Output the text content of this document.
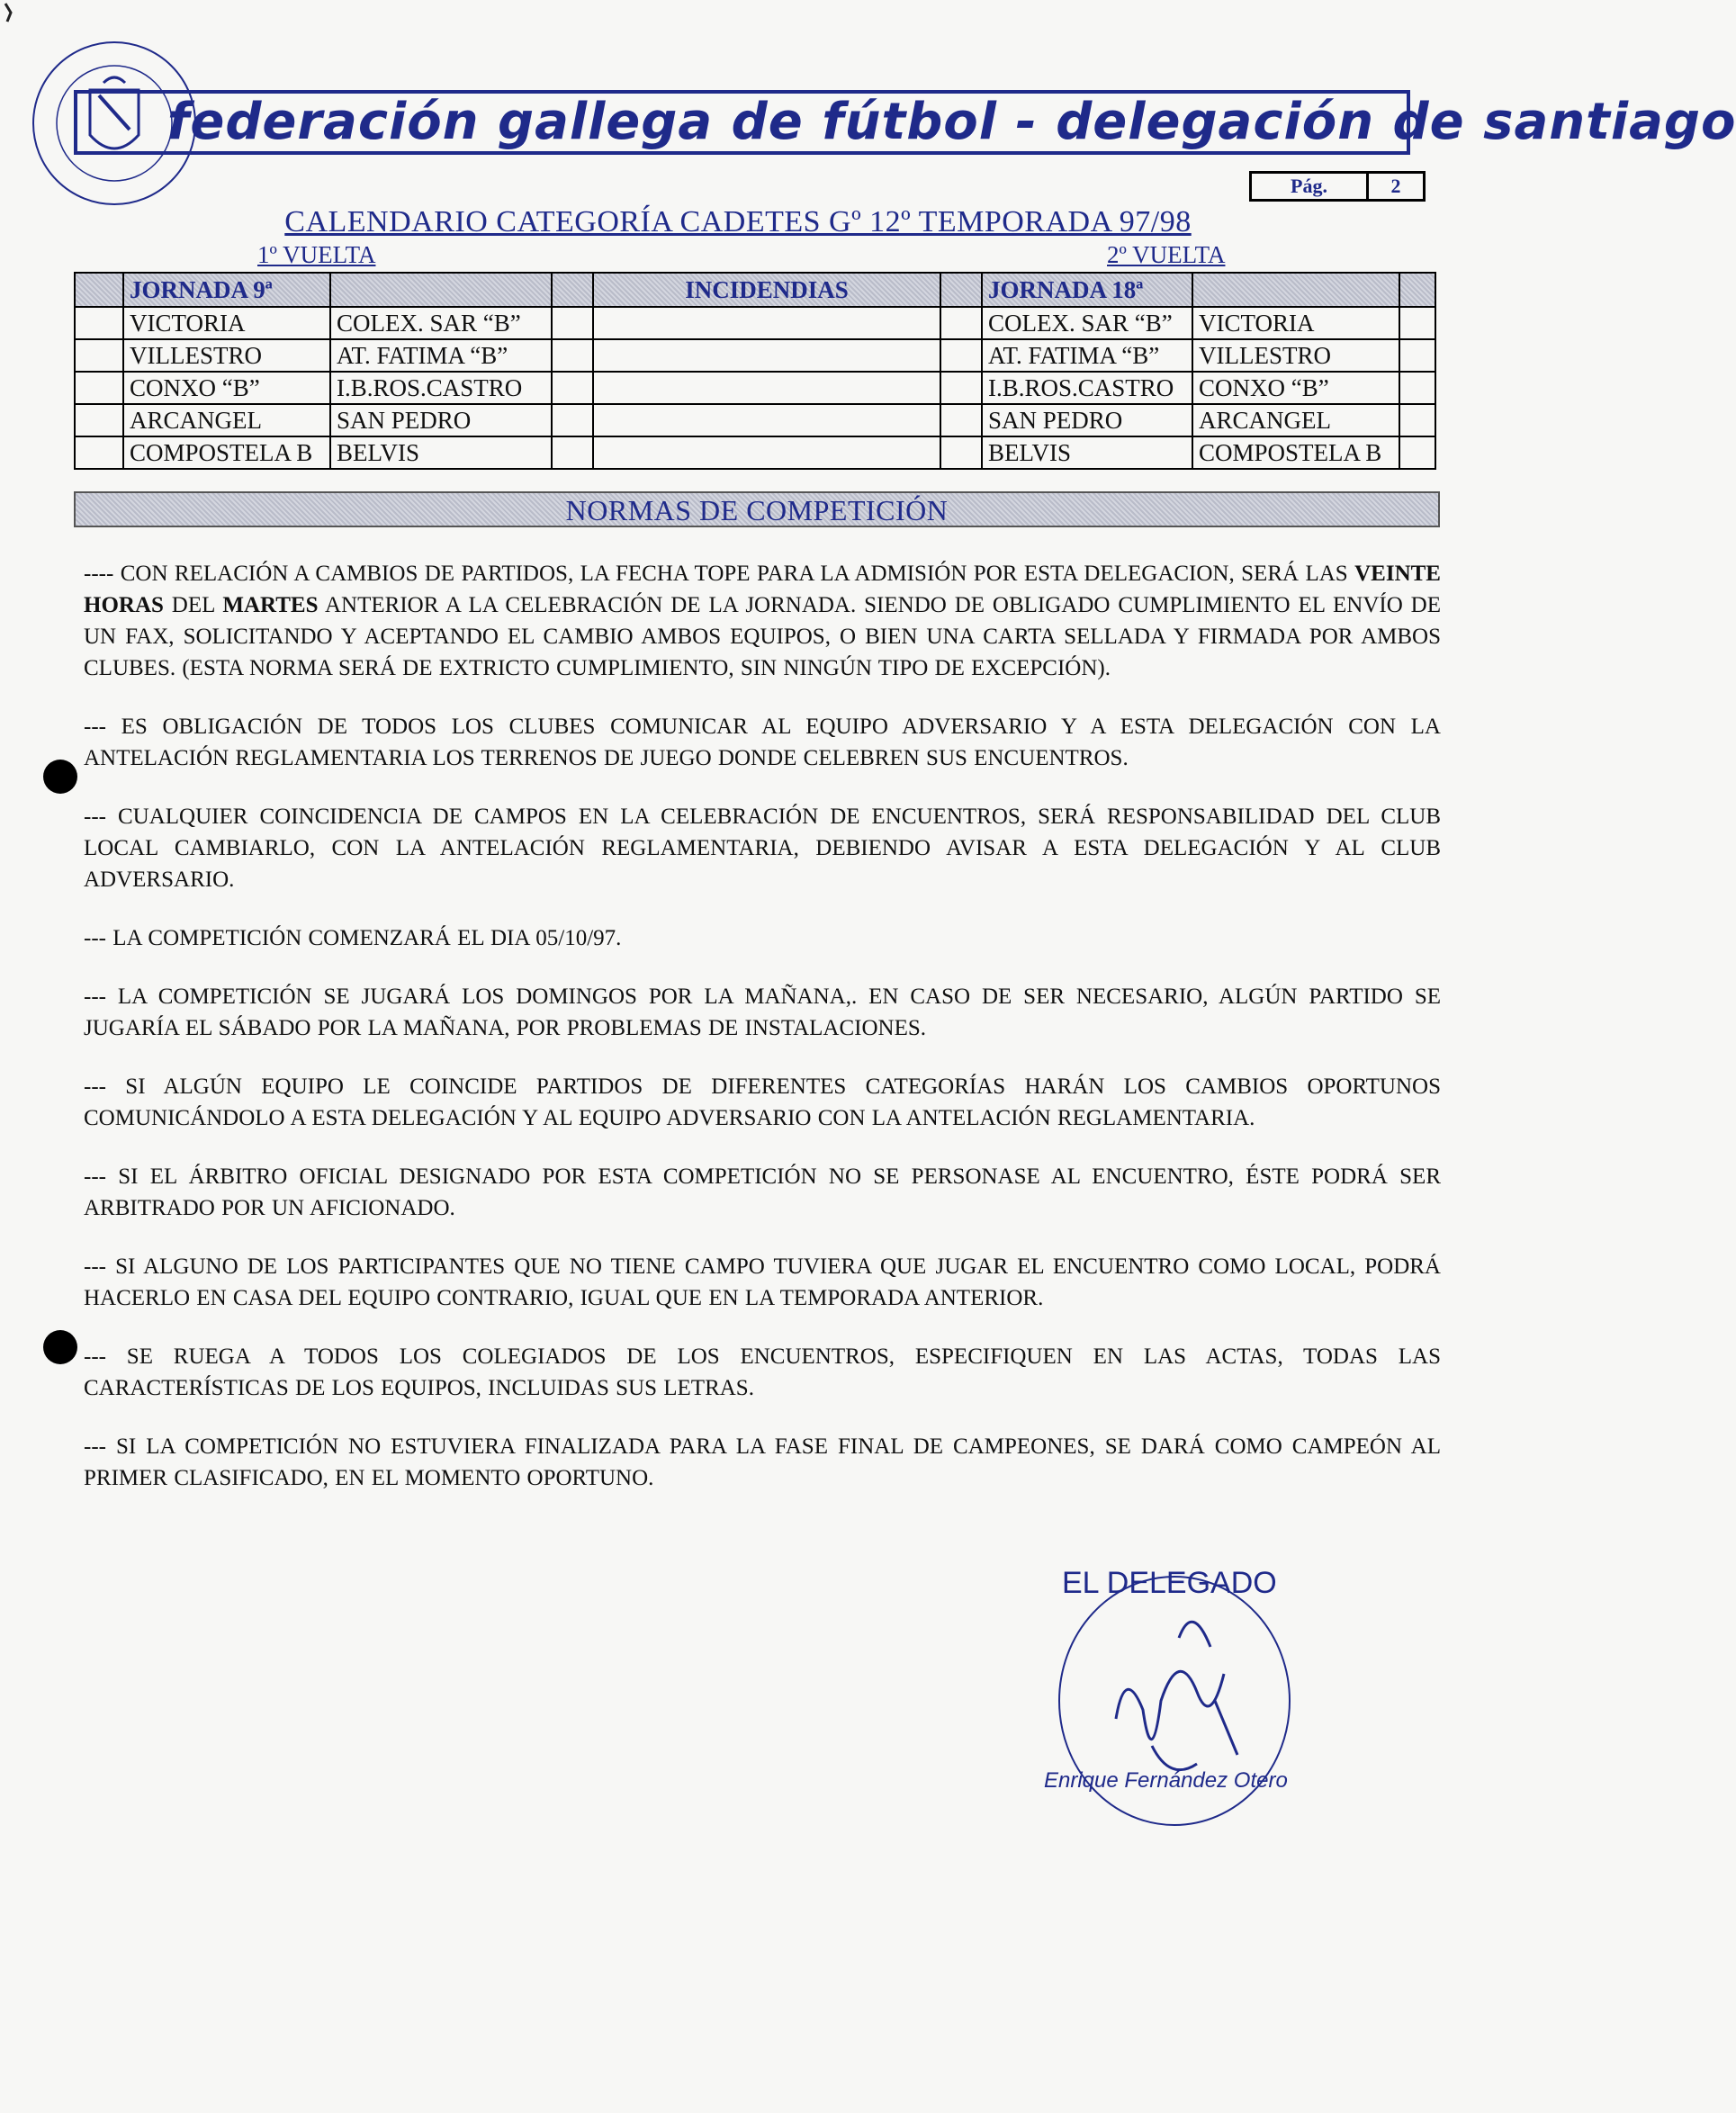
federación gallega de fútbol - delegación de santiago
Pág.	2
CALENDARIO CATEGORÍA CADETES Gº 12º TEMPORADA 97/98
1º VUELTA	2º VUELTA
	JORNADA 9ª			INCIDENDIAS		JORNADA 18ª		
	VICTORIA	COLEX. SAR “B”				COLEX. SAR “B”	VICTORIA	
	VILLESTRO	AT. FATIMA “B”				AT. FATIMA “B”	VILLESTRO	
	CONXO “B”	I.B.ROS.CASTRO				I.B.ROS.CASTRO	CONXO “B”	
	ARCANGEL	SAN PEDRO				SAN PEDRO	ARCANGEL	
	COMPOSTELA B	BELVIS				BELVIS	COMPOSTELA B	
NORMAS DE COMPETICIÓN

---- CON RELACIÓN A CAMBIOS DE PARTIDOS, LA FECHA TOPE PARA LA ADMISIÓN POR ESTA DELEGACION, SERÁ LAS VEINTE HORAS DEL MARTES ANTERIOR A LA CELEBRACIÓN DE LA JORNADA. SIENDO DE OBLIGADO CUMPLIMIENTO EL ENVÍO DE UN FAX, SOLICITANDO Y ACEPTANDO EL CAMBIO AMBOS EQUIPOS, O BIEN UNA CARTA SELLADA Y FIRMADA POR AMBOS CLUBES. (ESTA NORMA SERÁ DE EXTRICTO CUMPLIMIENTO, SIN NINGÚN TIPO DE EXCEPCIÓN).

--- ES OBLIGACIÓN DE TODOS LOS CLUBES COMUNICAR AL EQUIPO ADVERSARIO Y A ESTA DELEGACIÓN CON LA ANTELACIÓN REGLAMENTARIA LOS TERRENOS DE JUEGO DONDE CELEBREN SUS ENCUENTROS.

--- CUALQUIER COINCIDENCIA DE CAMPOS EN LA CELEBRACIÓN DE ENCUENTROS, SERÁ RESPONSABILIDAD DEL CLUB LOCAL CAMBIARLO, CON LA ANTELACIÓN REGLAMENTARIA, DEBIENDO AVISAR A ESTA DELEGACIÓN Y AL CLUB ADVERSARIO.

--- LA COMPETICIÓN COMENZARÁ EL DIA 05/10/97.

--- LA COMPETICIÓN SE JUGARÁ LOS DOMINGOS POR LA MAÑANA,. EN CASO DE SER NECESARIO, ALGÚN PARTIDO SE JUGARÍA EL SÁBADO POR LA MAÑANA, POR PROBLEMAS DE INSTALACIONES.

--- SI ALGÚN EQUIPO LE COINCIDE PARTIDOS DE DIFERENTES CATEGORÍAS HARÁN LOS CAMBIOS OPORTUNOS COMUNICÁNDOLO A ESTA DELEGACIÓN Y AL EQUIPO ADVERSARIO CON LA ANTELACIÓN REGLAMENTARIA.

--- SI EL ÁRBITRO OFICIAL DESIGNADO POR ESTA COMPETICIÓN NO SE PERSONASE AL ENCUENTRO, ÉSTE PODRÁ SER ARBITRADO POR UN AFICIONADO.

--- SI ALGUNO DE LOS PARTICIPANTES QUE NO TIENE CAMPO TUVIERA QUE JUGAR EL ENCUENTRO COMO LOCAL, PODRÁ HACERLO EN CASA DEL EQUIPO CONTRARIO, IGUAL QUE EN LA TEMPORADA ANTERIOR.

--- SE RUEGA A TODOS LOS COLEGIADOS DE LOS ENCUENTROS, ESPECIFIQUEN EN LAS ACTAS, TODAS LAS CARACTERÍSTICAS DE LOS EQUIPOS, INCLUIDAS SUS LETRAS.

--- SI LA COMPETICIÓN NO ESTUVIERA FINALIZADA PARA LA FASE FINAL DE CAMPEONES, SE DARÁ COMO CAMPEÓN AL PRIMER CLASIFICADO, EN EL MOMENTO OPORTUNO.

EL DELEGADO
Enrique Fernández Otero
